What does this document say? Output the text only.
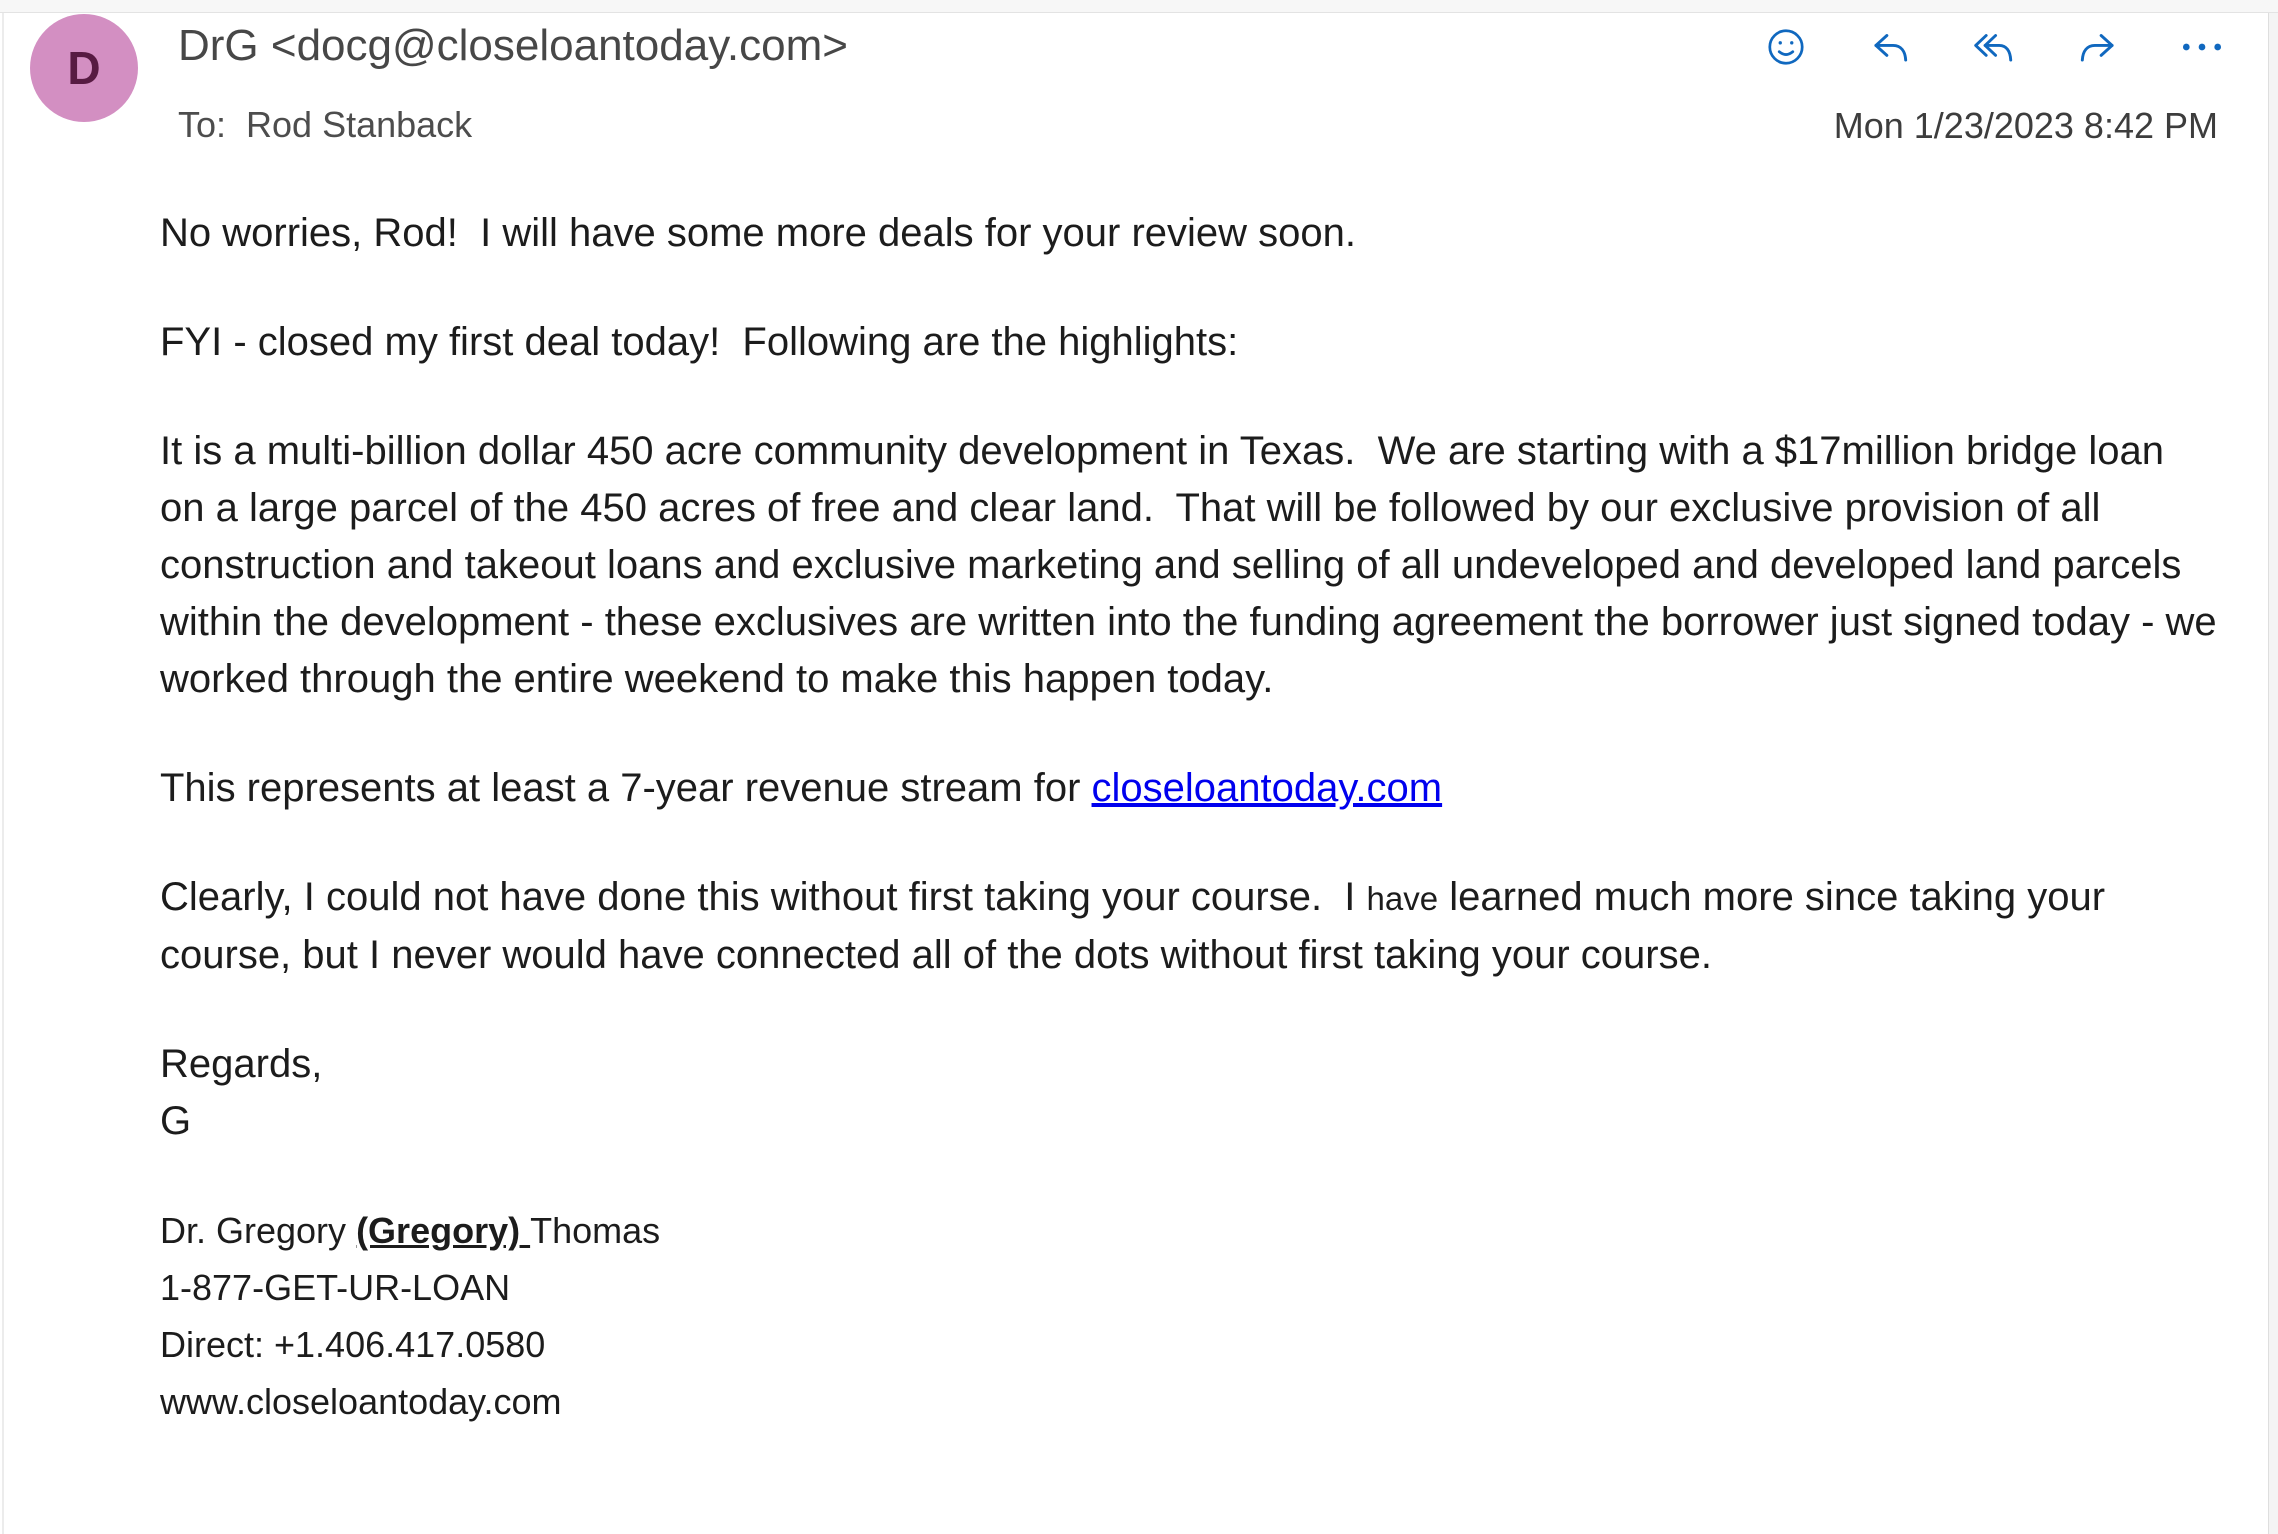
D DrG <docg@closeloantoday.com>
To:  Rod Stanback	Mon 1/23/2023 8:42 PM

No worries, Rod!  I will have some more deals for your review soon.

FYI - closed my first deal today!  Following are the highlights:

It is a multi-billion dollar 450 acre community development in Texas.  We are starting with a $17million bridge loan on a large parcel of the 450 acres of free and clear land.  That will be followed by our exclusive provision of all construction and takeout loans and exclusive marketing and selling of all undeveloped and developed land parcels within the development - these exclusives are written into the funding agreement the borrower just signed today - we worked through the entire weekend to make this happen today.

This represents at least a 7-year revenue stream for closeloantoday.com

Clearly, I could not have done this without first taking your course.  I have learned much more since taking your course, but I never would have connected all of the dots without first taking your course.

Regards,
G

Dr. Gregory (Gregory) Thomas

1-877-GET-UR-LOAN

Direct: +1.406.417.0580

www.closeloantoday.com
